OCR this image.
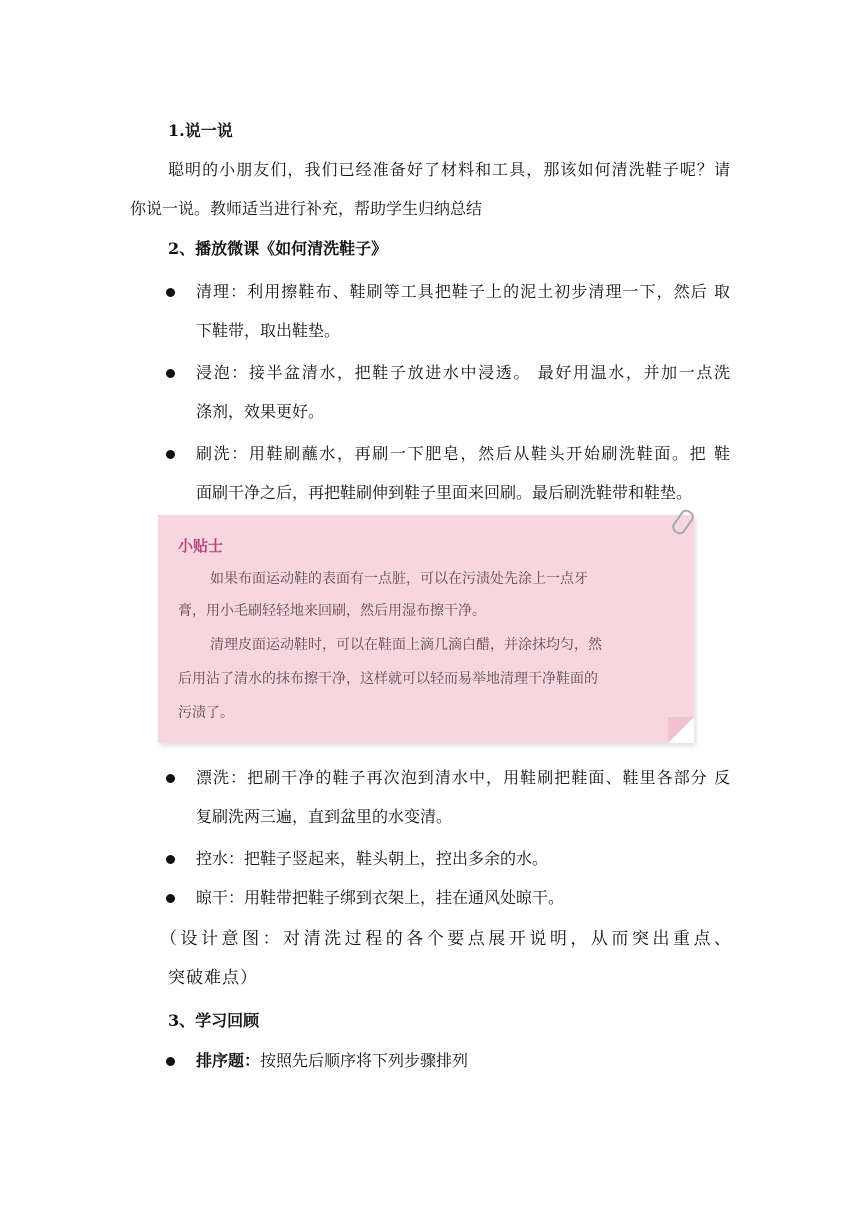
1.说一说
聪明的小朋友们，我们已经准备好了材料和工具，那该如何清洗鞋子呢？请
你说一说。教师适当进行补充，帮助学生归纳总结
2、播放微课《如何清洗鞋子》
清理：利用擦鞋布、鞋刷等工具把鞋子上的泥土初步清理一下，然后 取
下鞋带，取出鞋垫。
浸泡：接半盆清水，把鞋子放进水中浸透。 最好用温水，并加一点洗
涤剂，效果更好。
刷洗：用鞋刷蘸水，再刷一下肥皂，然后从鞋头开始刷洗鞋面。把 鞋
面刷干净之后，再把鞋刷伸到鞋子里面来回刷。最后刷洗鞋带和鞋垫。
小贴士
如果布面运动鞋的表面有一点脏，可以在污渍处先涂上一点牙
膏，用小毛刷轻轻地来回刷，然后用湿布擦干净。
清理皮面运动鞋时，可以在鞋面上滴几滴白醋，并涂抹均匀，然
后用沾了清水的抹布擦干净，这样就可以轻而易举地清理干净鞋面的
污渍了。
漂洗：把刷干净的鞋子再次泡到清水中，用鞋刷把鞋面、鞋里各部分 反
复刷洗两三遍，直到盆里的水变清。
控水：把鞋子竖起来，鞋头朝上，控出多余的水。
晾干：用鞋带把鞋子绑到衣架上，挂在通风处晾干。
（设计意图：对清洗过程的各个要点展开说明，从而突出重点、
突破难点）
3、学习回顾
排序题：按照先后顺序将下列步骤排列
